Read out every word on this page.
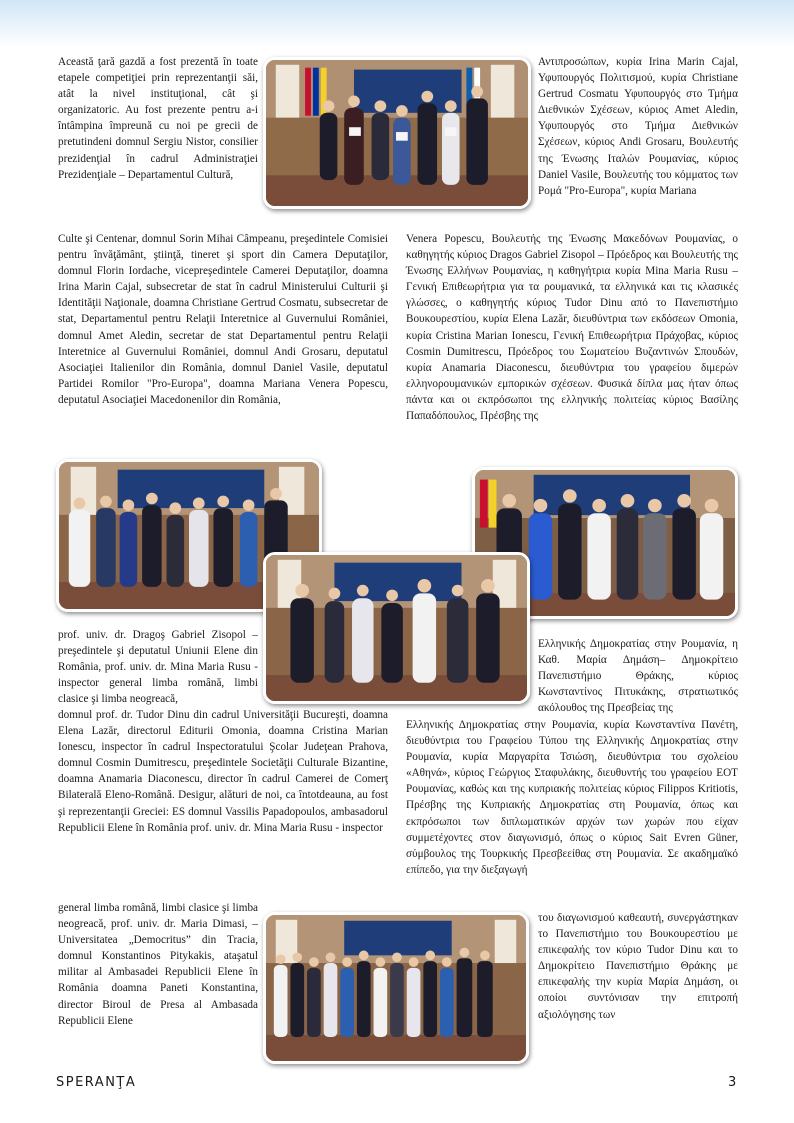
Această ţară gazdă a fost prezentă în toate etapele competiţiei prin reprezentanţii săi, atât la nivel instituţional, cât şi organizatoric. Au fost prezente pentru a-i întâmpina împreună cu noi pe grecii de pretutindeni domnul Sergiu Nistor, consilier prezidenţial în cadrul Administraţiei Prezidenţiale – Departamentul Cultură,

Culte şi Centenar, domnul Sorin Mihai Câmpeanu, preşedintele Comisiei pentru învăţământ, ştiinţă, tineret şi sport din Camera Deputaţilor, domnul Florin Iordache, vicepreşedintele Camerei Deputaţilor, doamna Irina Marin Cajal, subsecretar de stat în cadrul Ministerului Culturii şi Identităţii Naţionale, doamna Christiane Gertrud Cosmatu, subsecretar de stat, Departamentul pentru Relaţii Interetnice al Guvernului României, domnul Amet Aledin, secretar de stat Departamentul pentru Relaţii Interetnice al Guvernului României, domnul Andi Grosaru, deputatul Asociaţiei Italienilor din România, domnul Daniel Vasile, deputatul Partidei Romilor "Pro-Europa", doamna Mariana Venera Popescu, deputatul Asociaţiei Macedonenilor din România,

Αντιπροσώπων, κυρία Irina Marin Cajal, Υφυπουργός Πολιτισμού, κυρία Christiane Gertrud Cosmatu Υφυπουργός στο Τμήμα Διεθνικών Σχέσεων, κύριος Amet Aledin, Υφυπουργός στο Τμήμα Διεθνικών Σχέσεων, κύριος Andi Grosaru, Βουλευτής της Ένωσης Ιταλών Ρουμανίας, κύριος Daniel Vasile, Βουλευτής του κόμματος των Ρομά "Pro-Europa", κυρία Mariana

Venera Popescu, Βουλευτής της Ένωσης Μακεδόνων Ρουμανίας, ο καθηγητής κύριος Dragos Gabriel Zisopol – Πρόεδρος και Βουλευτής της Ένωσης Ελλήνων Ρουμανίας, η καθηγήτρια κυρία Mina Maria Rusu – Γενική Επιθεωρήτρια για τα ρουμανικά, τα ελληνικά και τις κλασικές γλώσσες, ο καθηγητής κύριος Tudor Dinu από το Πανεπιστήμιο Βουκουρεστίου, κυρία Elena Lazăr, διευθύντρια των εκδόσεων Omonia, κυρία Cristina Marian Ionescu, Γενική Επιθεωρήτρια Πράχοβας, κύριος Cosmin Dumitrescu, Πρόεδρος του Σωματείου Βυζαντινών Σπουδών, κυρία Anamaria Diaconescu, διευθύντρια του γραφείου διμερών ελληνορουμανικών εμπορικών σχέσεων. Φυσικά δίπλα μας ήταν όπως πάντα και οι εκπρόσωποι της ελληνικής πολιτείας κύριος Βασίλης Παπαδόπουλος, Πρέσβης της

prof. univ. dr. Dragoş Gabriel Zisopol – preşedintele şi deputatul Uniunii Elene din România, prof. univ. dr. Mina Maria Rusu - inspector general limba română, limbi clasice şi limba neogreacă,

domnul prof. dr. Tudor Dinu din cadrul Universităţii Bucureşti, doamna Elena Lazăr, directorul Editurii Omonia, doamna Cristina Marian Ionescu, inspector în cadrul Inspectoratului Şcolar Judeţean Prahova, domnul Cosmin Dumitrescu, preşedintele Societăţii Culturale Bizantine, doamna Anamaria Diaconescu, director în cadrul Camerei de Comerţ Bilaterală Eleno-Română. Desigur, alături de noi, ca întotdeauna, au fost şi reprezentanţii Greciei: ES domnul Vassilis Papadopoulos, ambasadorul Republicii Elene în România prof. univ. dr. Mina Maria Rusu - inspector

general limba română, limbi clasice şi limba neogreacă, prof. univ. dr. Maria Dimasi, – Universitatea „Democritus” din Tracia, domnul Konstantinos Pitykakis, ataşatul militar al Ambasadei Republicii Elene în România doamna Paneti Konstantina, director Biroul de Presa al Ambasada Republicii Elene

Ελληνικής Δημοκρατίας στην Ρουμανία, η Καθ. Μαρία Δημάση– Δημοκρίτειο Πανεπιστήμιο Θράκης, κύριος Κωνσταντίνος Πιτυκάκης, στρατιωτικός ακόλουθος της Πρεσβείας της

Ελληνικής Δημοκρατίας στην Ρουμανία, κυρία Κωνσταντίνα Πανέτη, διευθύντρια του Γραφείου Τύπου της Ελληνικής Δημοκρατίας στην Ρουμανία, κυρία Μαργαρίτα Τσιώση, διευθύντρια του σχολείου «Αθηνά», κύριος Γεώργιος Σταφυλάκης, διευθυντής του γραφείου ΕΟΤ Ρουμανίας, καθώς και της κυπριακής πολιτείας κύριος Filippos Kritiotis, Πρέσβης της Κυπριακής Δημοκρατίας στη Ρουμανία, όπως και εκπρόσωποι των διπλωματικών αρχών των χωρών που είχαν συμμετέχοντες στον διαγωνισμό, όπως ο κύριος Sait Evren Güner, σύμβουλος της Τουρκικής Πρεσβεείθας στη Ρουμανία. Σε ακαδημαϊκό επίπεδο, για την διεξαγωγή

του διαγωνισμού καθεαυτή, συνεργάστηκαν το Πανεπιστήμιο του Βουκουρεστίου με επικεφαλής τον κύριο Tudor Dinu και το Δημοκρίτειο Πανεπιστήμιο Θράκης με επικεφαλής την κυρία Μαρία Δημάση, οι οποίοι συντόνισαν την επιτροπή αξιολόγησης των

SPERANŢA	3
